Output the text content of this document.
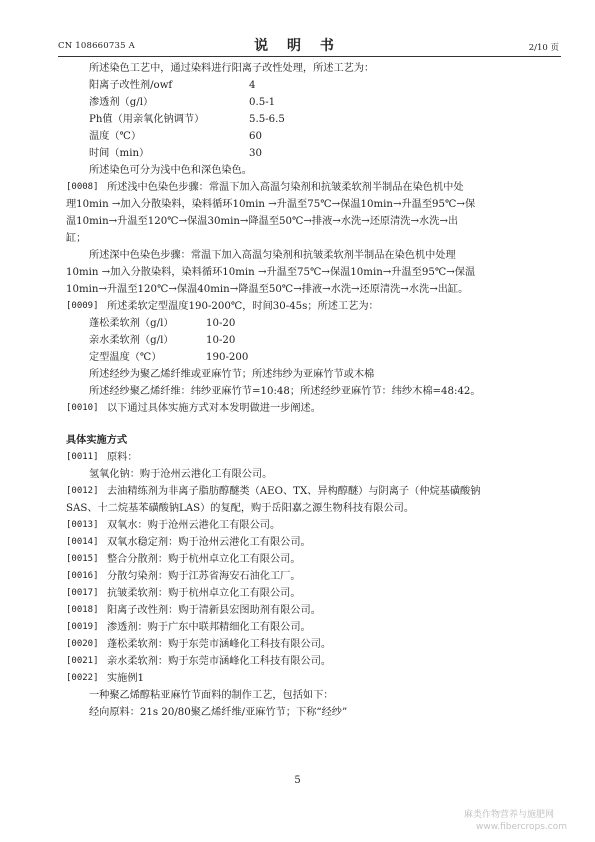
CN 108660735 A	说 明 书	2/10 页
所述染色工艺中，通过染料进行阳离子改性处理，所述工艺为：
阳离子改性剂/owf	4
渗透剂（g/l）	0.5-1
Ph值（用亲氧化钠调节）	5.5-6.5
温度（℃）	60
时间（min）	30
所述染色可分为浅中色和深色染色。
[0008] 所述浅中色染色步骤：常温下加入高温匀染剂和抗皱柔软剂半制品在染色机中处
理10min →加入分散染料，染料循环10min →升温至75℃→保温10min→升温至95℃→保
温10min→升温至120℃→保温30min→降温至50℃→排液→水洗→还原清洗→水洗→出
缸；
所述深中色染色步骤：常温下加入高温匀染剂和抗皱柔软剂半制品在染色机中处理
10min →加入分散染料，染料循环10min →升温至75℃→保温10min→升温至95℃→保温
10min→升温至120℃→保温40min→降温至50℃→排液→水洗→还原清洗→水洗→出缸。
[0009] 所述柔软定型温度190-200℃，时间30-45s；所述工艺为：
蓬松柔软剂（g/l）	10-20
亲水柔软剂（g/l）	10-20
定型温度（℃）	190-200
所述经纱为聚乙烯纤维或亚麻竹节；所述纬纱为亚麻竹节或木棉
所述经纱聚乙烯纤维：纬纱亚麻竹节=10:48；所述经纱亚麻竹节：纬纱木棉=48:42。
[0010] 以下通过具体实施方式对本发明做进一步阐述。
具体实施方式
[0011] 原料：
氢氧化钠：购于沧州云港化工有限公司。
[0012] 去油精练剂为非离子脂肪醇醚类（AEO、TX、异构醇醚）与阴离子（仲烷基磺酸钠
SAS、十二烷基苯磺酸钠LAS）的复配，购于岳阳嘉之源生物科技有限公司。
[0013] 双氧水：购于沧州云港化工有限公司。
[0014] 双氧水稳定剂：购于沧州云港化工有限公司。
[0015] 整合分散剂：购于杭州卓立化工有限公司。
[0016] 分散匀染剂：购于江苏省海安石油化工厂。
[0017] 抗皱柔软剂：购于杭州卓立化工有限公司。
[0018] 阳离子改性剂：购于清新县宏图助剂有限公司。
[0019] 渗透剂：购于广东中联邦精细化工有限公司。
[0020] 蓬松柔软剂：购于东莞市涵峰化工科技有限公司。
[0021] 亲水柔软剂：购于东莞市涵峰化工科技有限公司。
[0022] 实施例1
一种聚乙烯醇粘亚麻竹节面料的制作工艺，包括如下：
经向原料：21s 20/80聚乙烯纤维/亚麻竹节；下称“经纱”
5
麻类作物营养与施肥网
www.fibercrops.com
